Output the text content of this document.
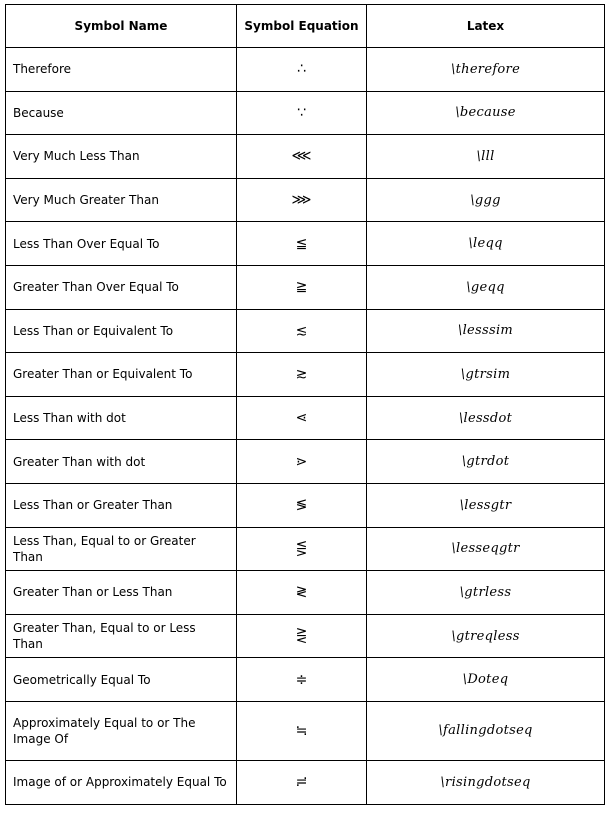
Symbol Name	Symbol Equation	Latex
Therefore	∴	\therefore
Because	∵	\because
Very Much Less Than	⋘	\lll
Very Much Greater Than	⋙	\ggg
Less Than Over Equal To	≦	\leqq
Greater Than Over Equal To	≧	\geqq
Less Than or Equivalent To	≲	\lesssim
Greater Than or Equivalent To	≳	\gtrsim
Less Than with dot	⋖	\lessdot
Greater Than with dot	⋗	\gtrdot
Less Than or Greater Than	≶	\lessgtr
Less Than, Equal to or Greater Than	⋚	\lesseqgtr
Greater Than or Less Than	≷	\gtrless
Greater Than, Equal to or Less Than	⋛	\gtreqless
Geometrically Equal To	≑	\Doteq
Approximately Equal to or The Image Of	≒	\fallingdotseq
Image of or Approximately Equal To	≓	\risingdotseq
